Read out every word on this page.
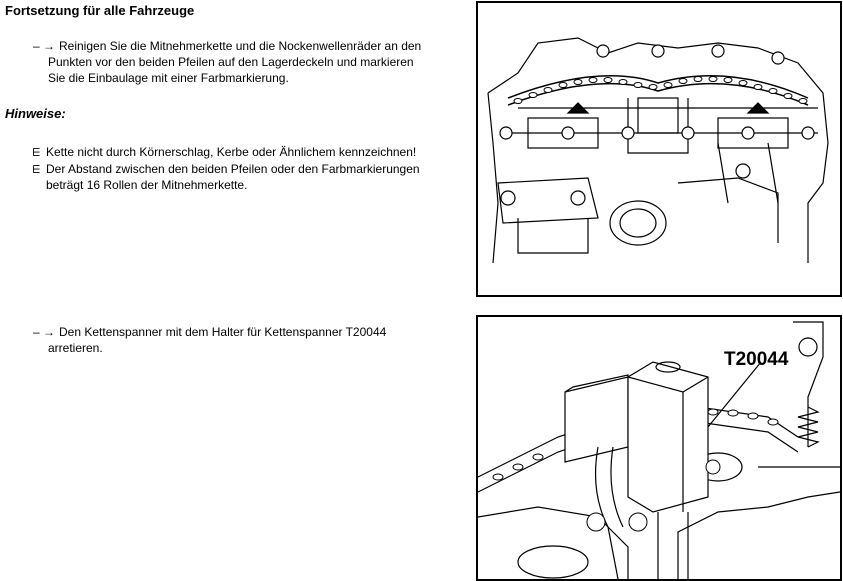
Fortsetzung für alle Fahrzeuge
– → Reinigen Sie die Mitnehmerkette und die Nockenwellenräder an den
Punkten vor den beiden Pfeilen auf den Lagerdeckeln und markieren
Sie die Einbaulage mit einer Farbmarkierung.
Hinweise:
Kette nicht durch Körnerschlag, Kerbe oder Ähnlichem kennzeichnen!
Der Abstand zwischen den beiden Pfeilen oder den Farbmarkierungen
beträgt 16 Rollen der Mitnehmerkette.
– → Den Kettenspanner mit dem Halter für Kettenspanner T20044
arretieren.
T20044
